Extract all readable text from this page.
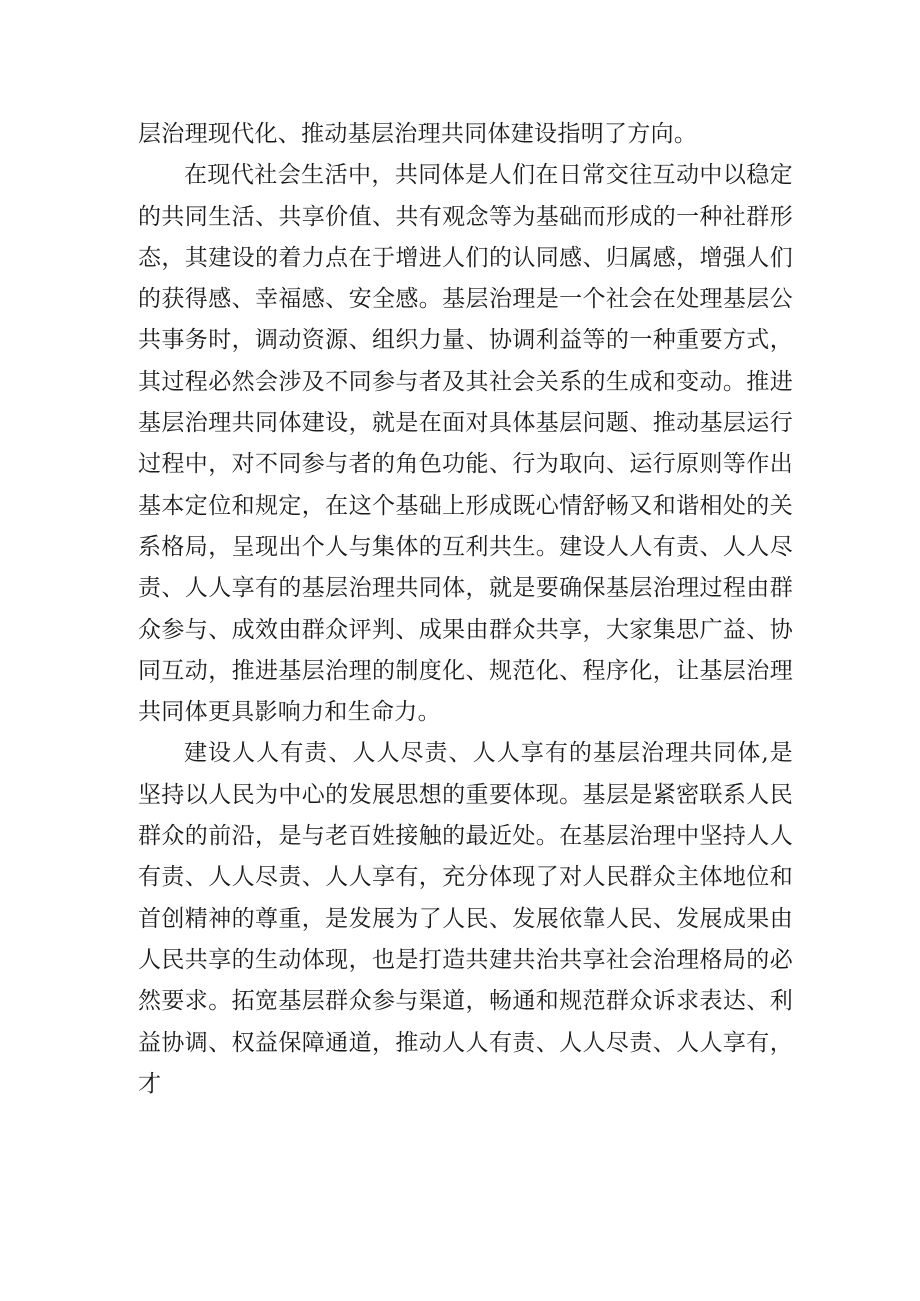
层治理现代化、推动基层治理共同体建设指明了方向。

在现代社会生活中，共同体是人们在日常交往互动中以稳定的共同生活、共享价值、共有观念等为基础而形成的一种社群形态，其建设的着力点在于增进人们的认同感、归属感，增强人们的获得感、幸福感、安全感。基层治理是一个社会在处理基层公共事务时，调动资源、组织力量、协调利益等的一种重要方式，其过程必然会涉及不同参与者及其社会关系的生成和变动。推进基层治理共同体建设，就是在面对具体基层问题、推动基层运行过程中，对不同参与者的角色功能、行为取向、运行原则等作出基本定位和规定，在这个基础上形成既心情舒畅又和谐相处的关系格局，呈现出个人与集体的互利共生。建设人人有责、人人尽责、人人享有的基层治理共同体，就是要确保基层治理过程由群众参与、成效由群众评判、成果由群众共享，大家集思广益、协同互动，推进基层治理的制度化、规范化、程序化，让基层治理共同体更具影响力和生命力。

建设人人有责、人人尽责、人人享有的基层治理共同体,是坚持以人民为中心的发展思想的重要体现。基层是紧密联系人民群众的前沿，是与老百姓接触的最近处。在基层治理中坚持人人有责、人人尽责、人人享有，充分体现了对人民群众主体地位和首创精神的尊重，是发展为了人民、发展依靠人民、发展成果由人民共享的生动体现，也是打造共建共治共享社会治理格局的必然要求。拓宽基层群众参与渠道，畅通和规范群众诉求表达、利益协调、权益保障通道，推动人人有责、人人尽责、人人享有，才
